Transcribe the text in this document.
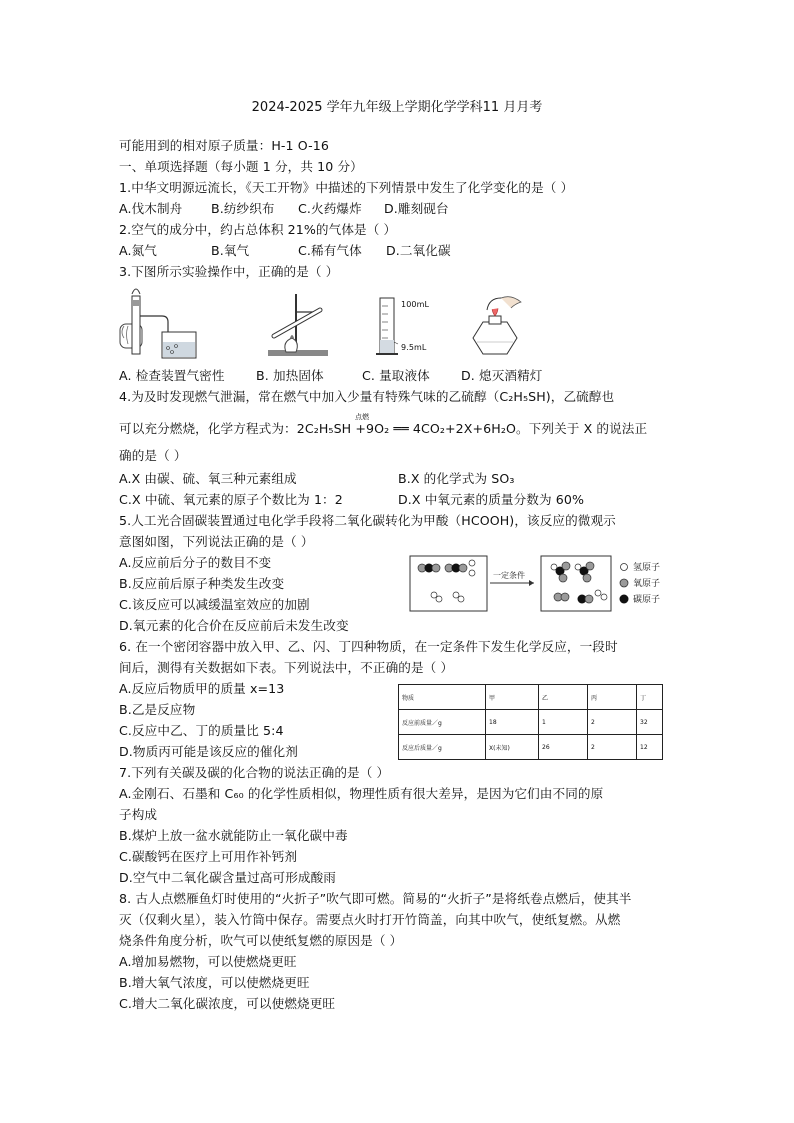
2024-2025 学年九年级上学期化学学科11 月月考
可能用到的相对原子质量：H-1 O-16
一、单项选择题（每小题 1 分，共 10 分）
1.中华文明源远流长，《天工开物》中描述的下列情景中发生了化学变化的是（ ）
A.伐木制舟 B.纺纱织布 C.火药爆炸 D.雕刻砚台
2.空气的成分中，约占总体积 21%的气体是（ ）
A.氮气	B.氧气	C.稀有气体 D.二氧化碳
3.下图所示实验操作中，正确的是（ ）
100mL
9.5mL
A. 检查装置气密性 B. 加热固体	C. 量取液体 D. 熄灭酒精灯
4.为及时发现燃气泄漏，常在燃气中加入少量有特殊气味的乙硫醇（C₂H₅SH)，乙硫醇也
可以充分燃烧，化学方程式为：2C₂H₅SH +9O₂ ══ 4CO₂+2X+6H₂O。下列关于 X 的说法正
点燃
确的是（ ）
A.X 由碳、硫、氧三种元素组成	B.X 的化学式为 SO₃
C.X 中硫、氧元素的原子个数比为 1：2	D.X 中氧元素的质量分数为 60%
5.人工光合固碳装置通过电化学手段将二氧化碳转化为甲酸（HCOOH)，该反应的微观示
意图如图，下列说法正确的是（ ）
A.反应前后分子的数目不变
B.反应前后原子种类发生改变
C.该反应可以减缓温室效应的加剧
D.氧元素的化合价在反应前后未发生改变
一定条件
氢原子
氧原子
碳原子
6. 在一个密闭容器中放入甲、乙、闪、丁四种物质，在一定条件下发生化学反应，一段时
间后，测得有关数据如下表。下列说法中，不正确的是（ ）
A.反应后物质甲的质量 x=13
B.乙是反应物
C.反应中乙、丁的质量比 5:4
D.物质丙可能是该反应的催化剂
物质	甲	乙	丙	丁
反应前质量／g	18	1	2	32
反应后质量／g	X(未知)	26	2	12
7.下列有关碳及碳的化合物的说法正确的是（ ）
A.金刚石、石墨和 C₆₀ 的化学性质相似，物理性质有很大差异，是因为它们由不同的原
子构成
B.煤炉上放一盆水就能防止一氧化碳中毒
C.碳酸钙在医疗上可用作补钙剂
D.空气中二氧化碳含量过高可形成酸雨
8. 古人点燃雁鱼灯时使用的“火折子”吹气即可燃。简易的“火折子”是将纸卷点燃后，使其半
灭（仅剩火星），装入竹筒中保存。需要点火时打开竹筒盖，向其中吹气，使纸复燃。从燃
烧条件角度分析，吹气可以使纸复燃的原因是（ ）
A.增加易燃物，可以使燃烧更旺
B.增大氧气浓度，可以使燃烧更旺
C.增大二氧化碳浓度，可以使燃烧更旺
